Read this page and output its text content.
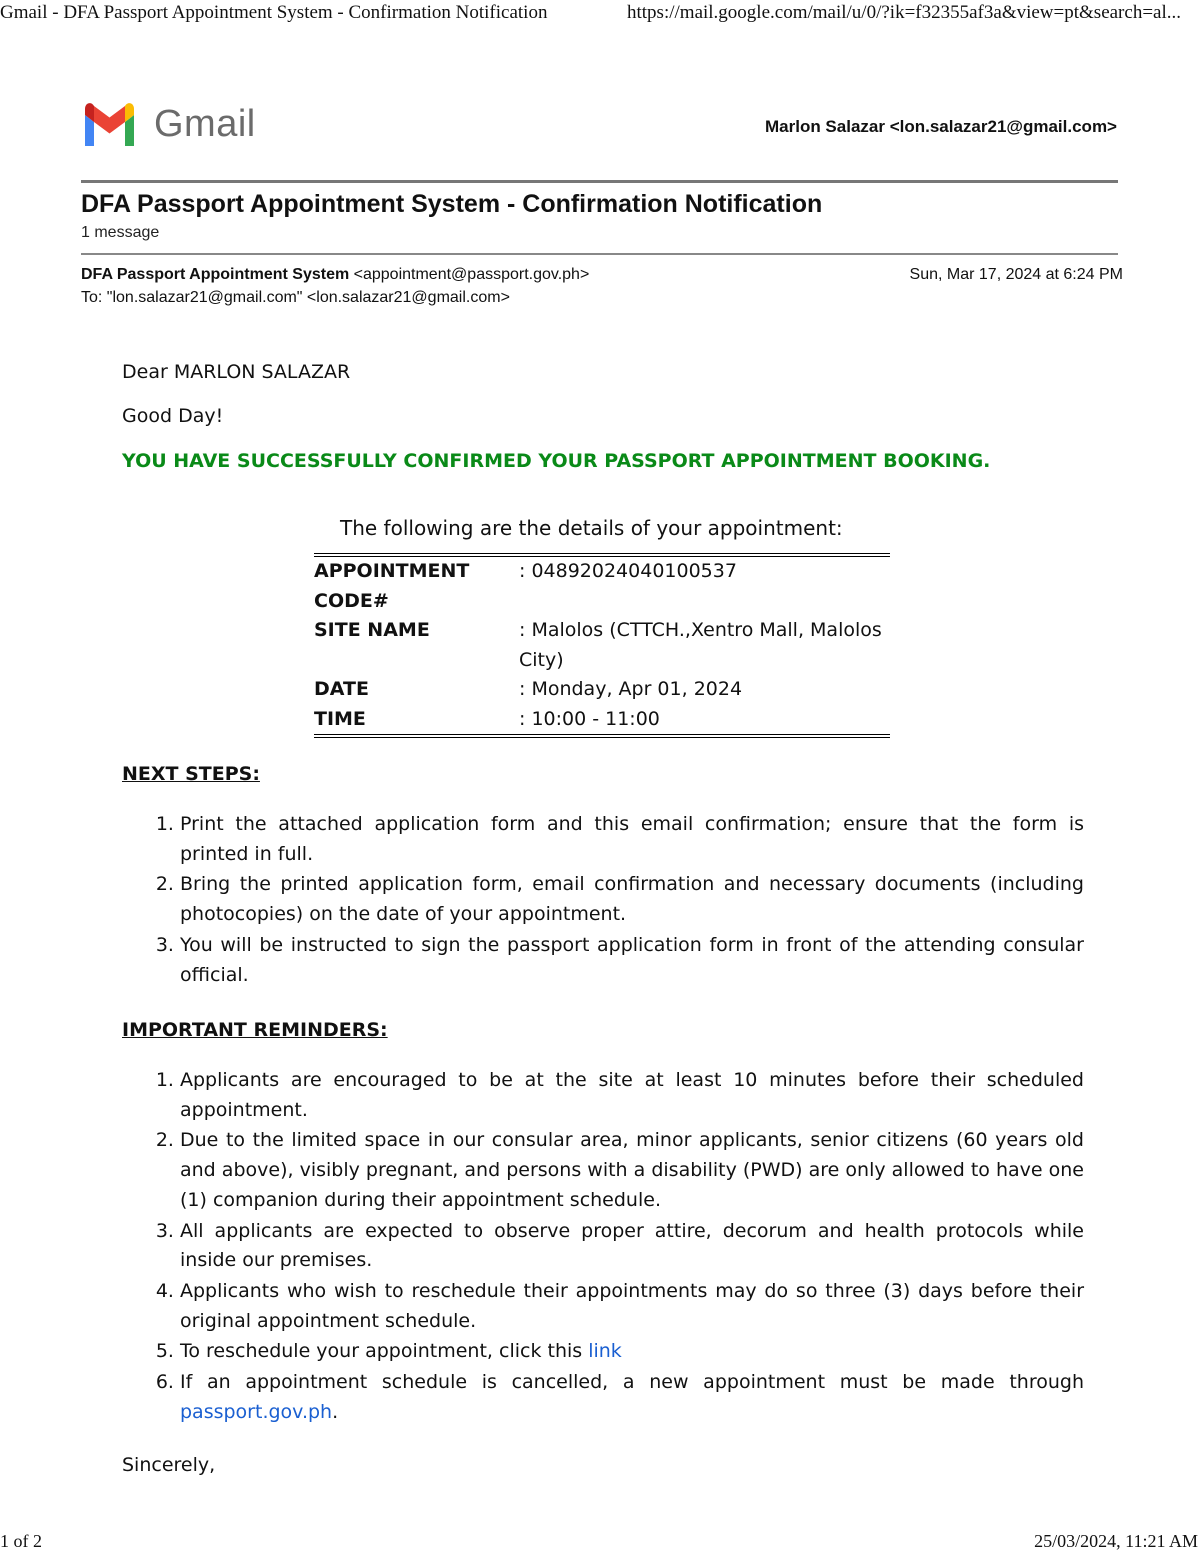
Gmail - DFA Passport Appointment System - Confirmation Notification	https://mail.google.com/mail/u/0/?ik=f32355af3a&view=pt&search=al...
Gmail	Marlon Salazar <lon.salazar21@gmail.com>
DFA Passport Appointment System - Confirmation Notification
1 message
DFA Passport Appointment System <appointment@passport.gov.ph>	Sun, Mar 17, 2024 at 6:24 PM
To: "lon.salazar21@gmail.com" <lon.salazar21@gmail.com>

Dear MARLON SALAZAR

Good Day!

YOU HAVE SUCCESSFULLY CONFIRMED YOUR PASSPORT APPOINTMENT BOOKING.

The following are the details of your appointment:
APPOINTMENT CODE#	: 04892024040100537
SITE NAME	: Malolos (CTTCH.,Xentro Mall, Malolos City)
DATE	: Monday, Apr 01, 2024
TIME	: 10:00 - 11:00
NEXT STEPS:
1. Print the attached application form and this email confirmation; ensure that the form is printed in full.
2. Bring the printed application form, email confirmation and necessary documents (including photocopies) on the date of your appointment.
3. You will be instructed to sign the passport application form in front of the attending consular official.
IMPORTANT REMINDERS:
1. Applicants are encouraged to be at the site at least 10 minutes before their scheduled appointment.
2. Due to the limited space in our consular area, minor applicants, senior citizens (60 years old and above), visibly pregnant, and persons with a disability (PWD) are only allowed to have one (1) companion during their appointment schedule.
3. All applicants are expected to observe proper attire, decorum and health protocols while inside our premises.
4. Applicants who wish to reschedule their appointments may do so three (3) days before their original appointment schedule.
5. To reschedule your appointment, click this link
6. If an appointment schedule is cancelled, a new appointment must be made through passport.gov.ph.

Sincerely,

1 of 2	25/03/2024, 11:21 AM
